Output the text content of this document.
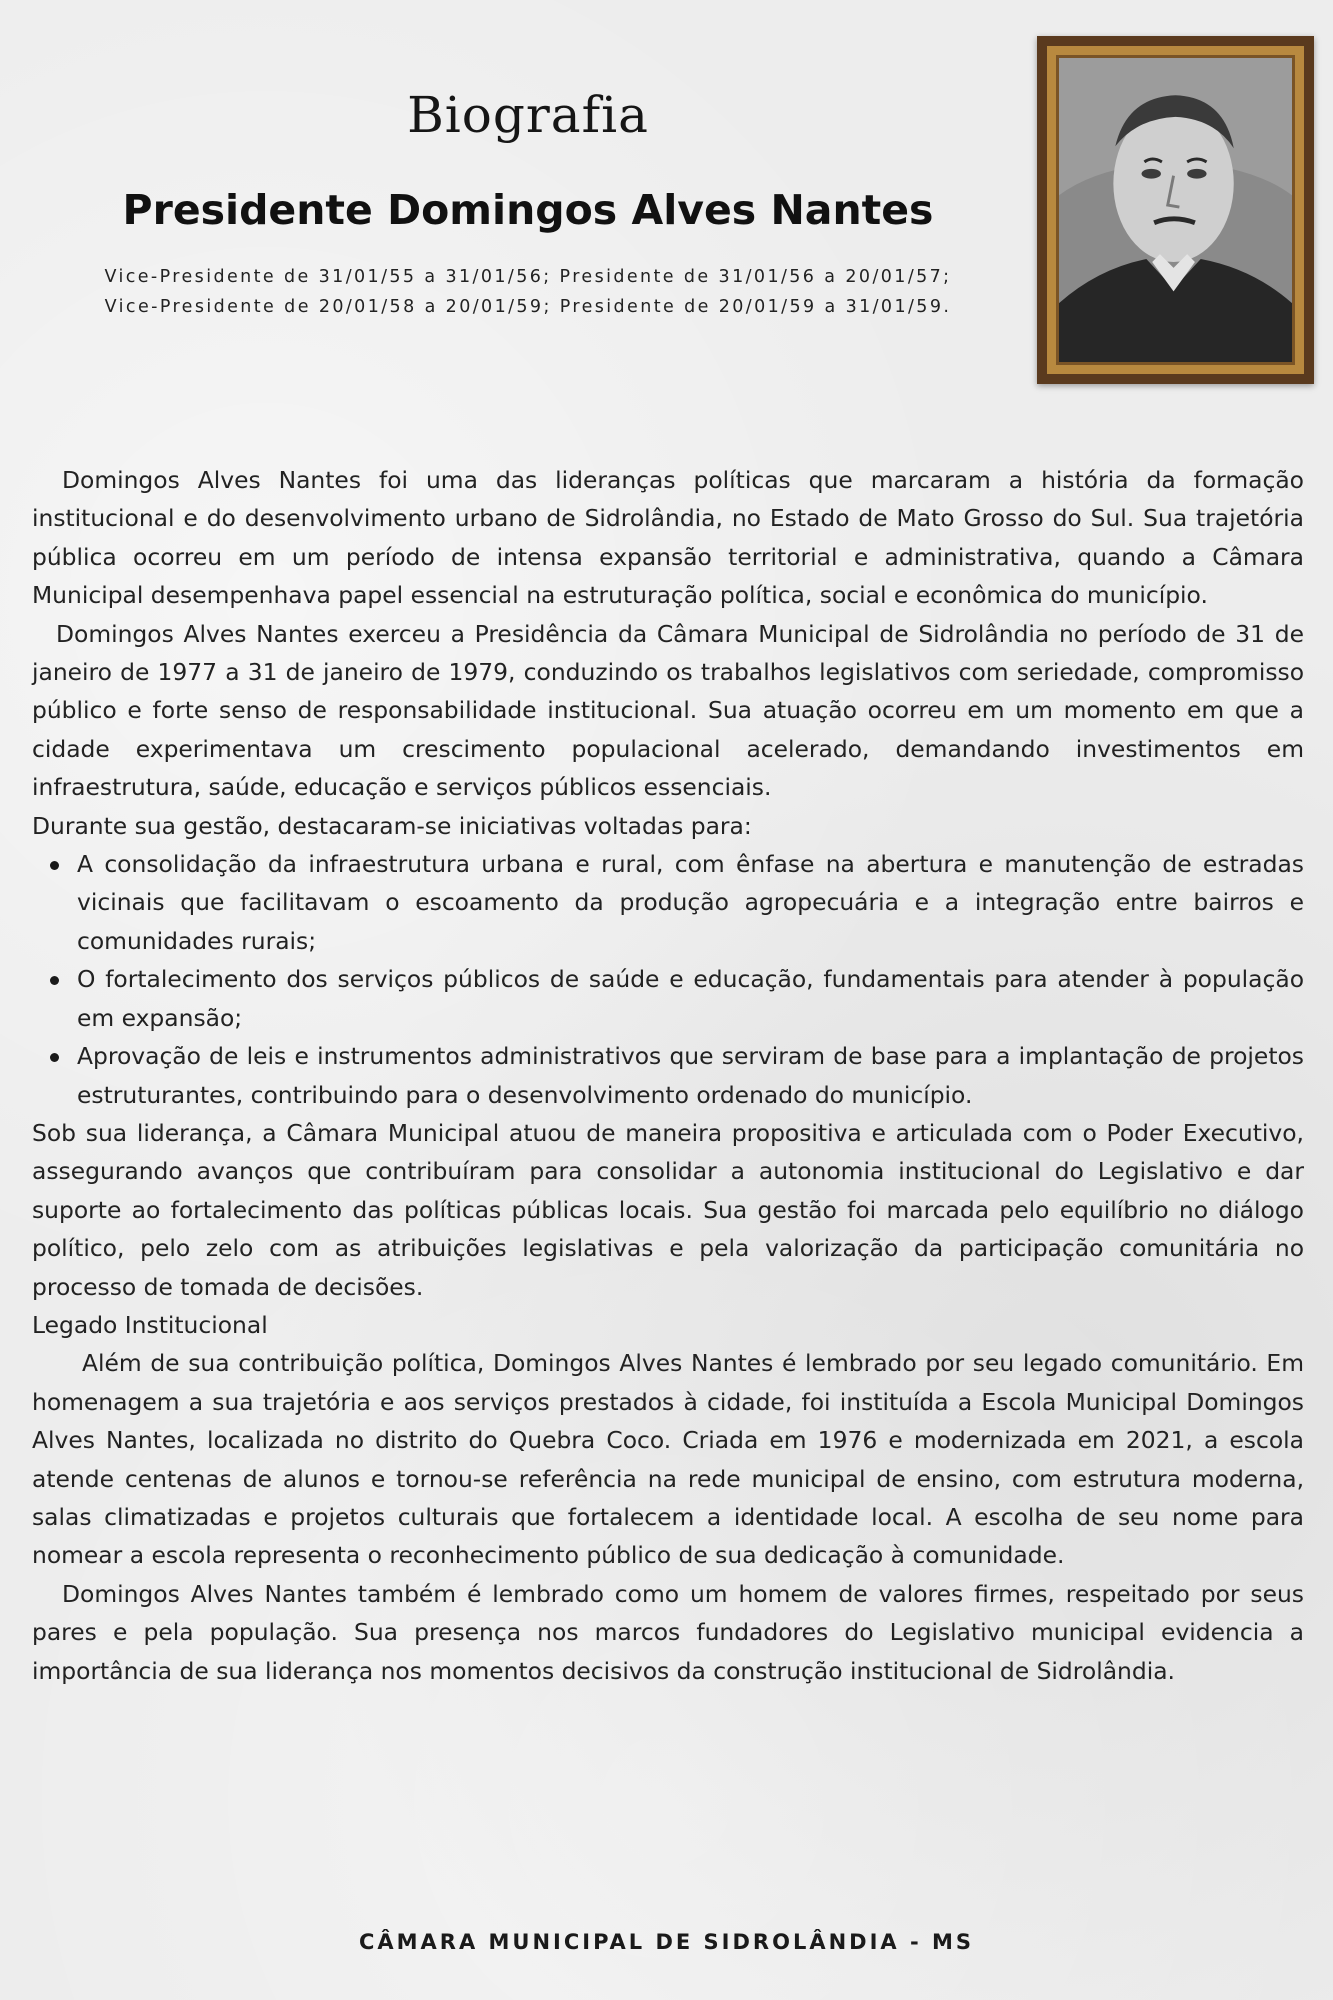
Biografia
Presidente Domingos Alves Nantes
Vice-Presidente de 31/01/55 a 31/01/56; Presidente de 31/01/56 a 20/01/57;
Vice-Presidente de 20/01/58 a 20/01/59; Presidente de 20/01/59 a 31/01/59.

Domingos Alves Nantes foi uma das lideranças políticas que marcaram a história da formação institucional e do desenvolvimento urbano de Sidrolândia, no Estado de Mato Grosso do Sul. Sua trajetória pública ocorreu em um período de intensa expansão territorial e administrativa, quando a Câmara Municipal desempenhava papel essencial na estruturação política, social e econômica do município.

Domingos Alves Nantes exerceu a Presidência da Câmara Municipal de Sidrolândia no período de 31 de janeiro de 1977 a 31 de janeiro de 1979, conduzindo os trabalhos legislativos com seriedade, compromisso público e forte senso de responsabilidade institucional. Sua atuação ocorreu em um momento em que a cidade experimentava um crescimento populacional acelerado, demandando investimentos em infraestrutura, saúde, educação e serviços públicos essenciais.

Durante sua gestão, destacaram-se iniciativas voltadas para:

A consolidação da infraestrutura urbana e rural, com ênfase na abertura e manutenção de estradas vicinais que facilitavam o escoamento da produção agropecuária e a integração entre bairros e comunidades rurais;
O fortalecimento dos serviços públicos de saúde e educação, fundamentais para atender à população em expansão;
Aprovação de leis e instrumentos administrativos que serviram de base para a implantação de projetos estruturantes, contribuindo para o desenvolvimento ordenado do município.

Sob sua liderança, a Câmara Municipal atuou de maneira propositiva e articulada com o Poder Executivo, assegurando avanços que contribuíram para consolidar a autonomia institucional do Legislativo e dar suporte ao fortalecimento das políticas públicas locais. Sua gestão foi marcada pelo equilíbrio no diálogo político, pelo zelo com as atribuições legislativas e pela valorização da participação comunitária no processo de tomada de decisões.

Legado Institucional

Além de sua contribuição política, Domingos Alves Nantes é lembrado por seu legado comunitário. Em homenagem a sua trajetória e aos serviços prestados à cidade, foi instituída a Escola Municipal Domingos Alves Nantes, localizada no distrito do Quebra Coco. Criada em 1976 e modernizada em 2021, a escola atende centenas de alunos e tornou-se referência na rede municipal de ensino, com estrutura moderna, salas climatizadas e projetos culturais que fortalecem a identidade local. A escolha de seu nome para nomear a escola representa o reconhecimento público de sua dedicação à comunidade.

Domingos Alves Nantes também é lembrado como um homem de valores firmes, respeitado por seus pares e pela população. Sua presença nos marcos fundadores do Legislativo municipal evidencia a importância de sua liderança nos momentos decisivos da construção institucional de Sidrolândia.

CÂMARA MUNICIPAL DE SIDROLÂNDIA - MS
